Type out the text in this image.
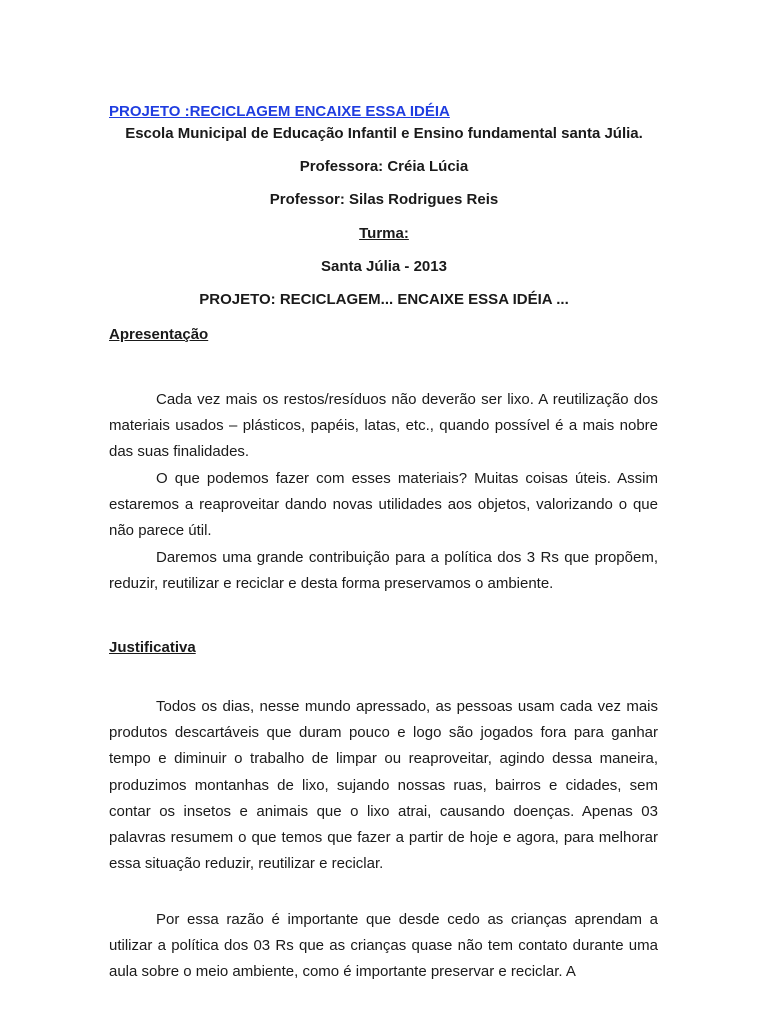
PROJETO :RECICLAGEM ENCAIXE ESSA IDÉIA
Escola Municipal de Educação Infantil e Ensino fundamental santa Júlia.
Professora: Créia Lúcia
Professor: Silas Rodrigues Reis
Turma:
Santa Júlia - 2013
PROJETO: RECICLAGEM... ENCAIXE ESSA IDÉIA ...
Apresentação

Cada vez mais os restos/resíduos não deverão ser lixo. A reutilização dos materiais usados – plásticos, papéis, latas, etc., quando possível é a mais nobre das suas finalidades.

O que podemos fazer com esses materiais? Muitas coisas úteis. Assim estaremos a reaproveitar dando novas utilidades aos objetos, valorizando o que não parece útil.

Daremos uma grande contribuição para a política dos 3 Rs que propõem, reduzir, reutilizar e reciclar e desta forma preservamos o ambiente.

Justificativa

Todos os dias, nesse mundo apressado, as pessoas usam cada vez mais produtos descartáveis que duram pouco e logo são jogados fora para ganhar tempo e diminuir o trabalho de limpar ou reaproveitar, agindo dessa maneira, produzimos montanhas de lixo, sujando nossas ruas, bairros e cidades, sem contar os insetos e animais que o lixo atrai, causando doenças. Apenas 03 palavras resumem o que temos que fazer a partir de hoje e agora, para melhorar essa situação reduzir, reutilizar e reciclar.

Por essa razão é importante que desde cedo as crianças aprendam a utilizar a política dos 03 Rs que as crianças quase não tem contato durante uma aula sobre o meio ambiente, como é importante preservar e reciclar. A
